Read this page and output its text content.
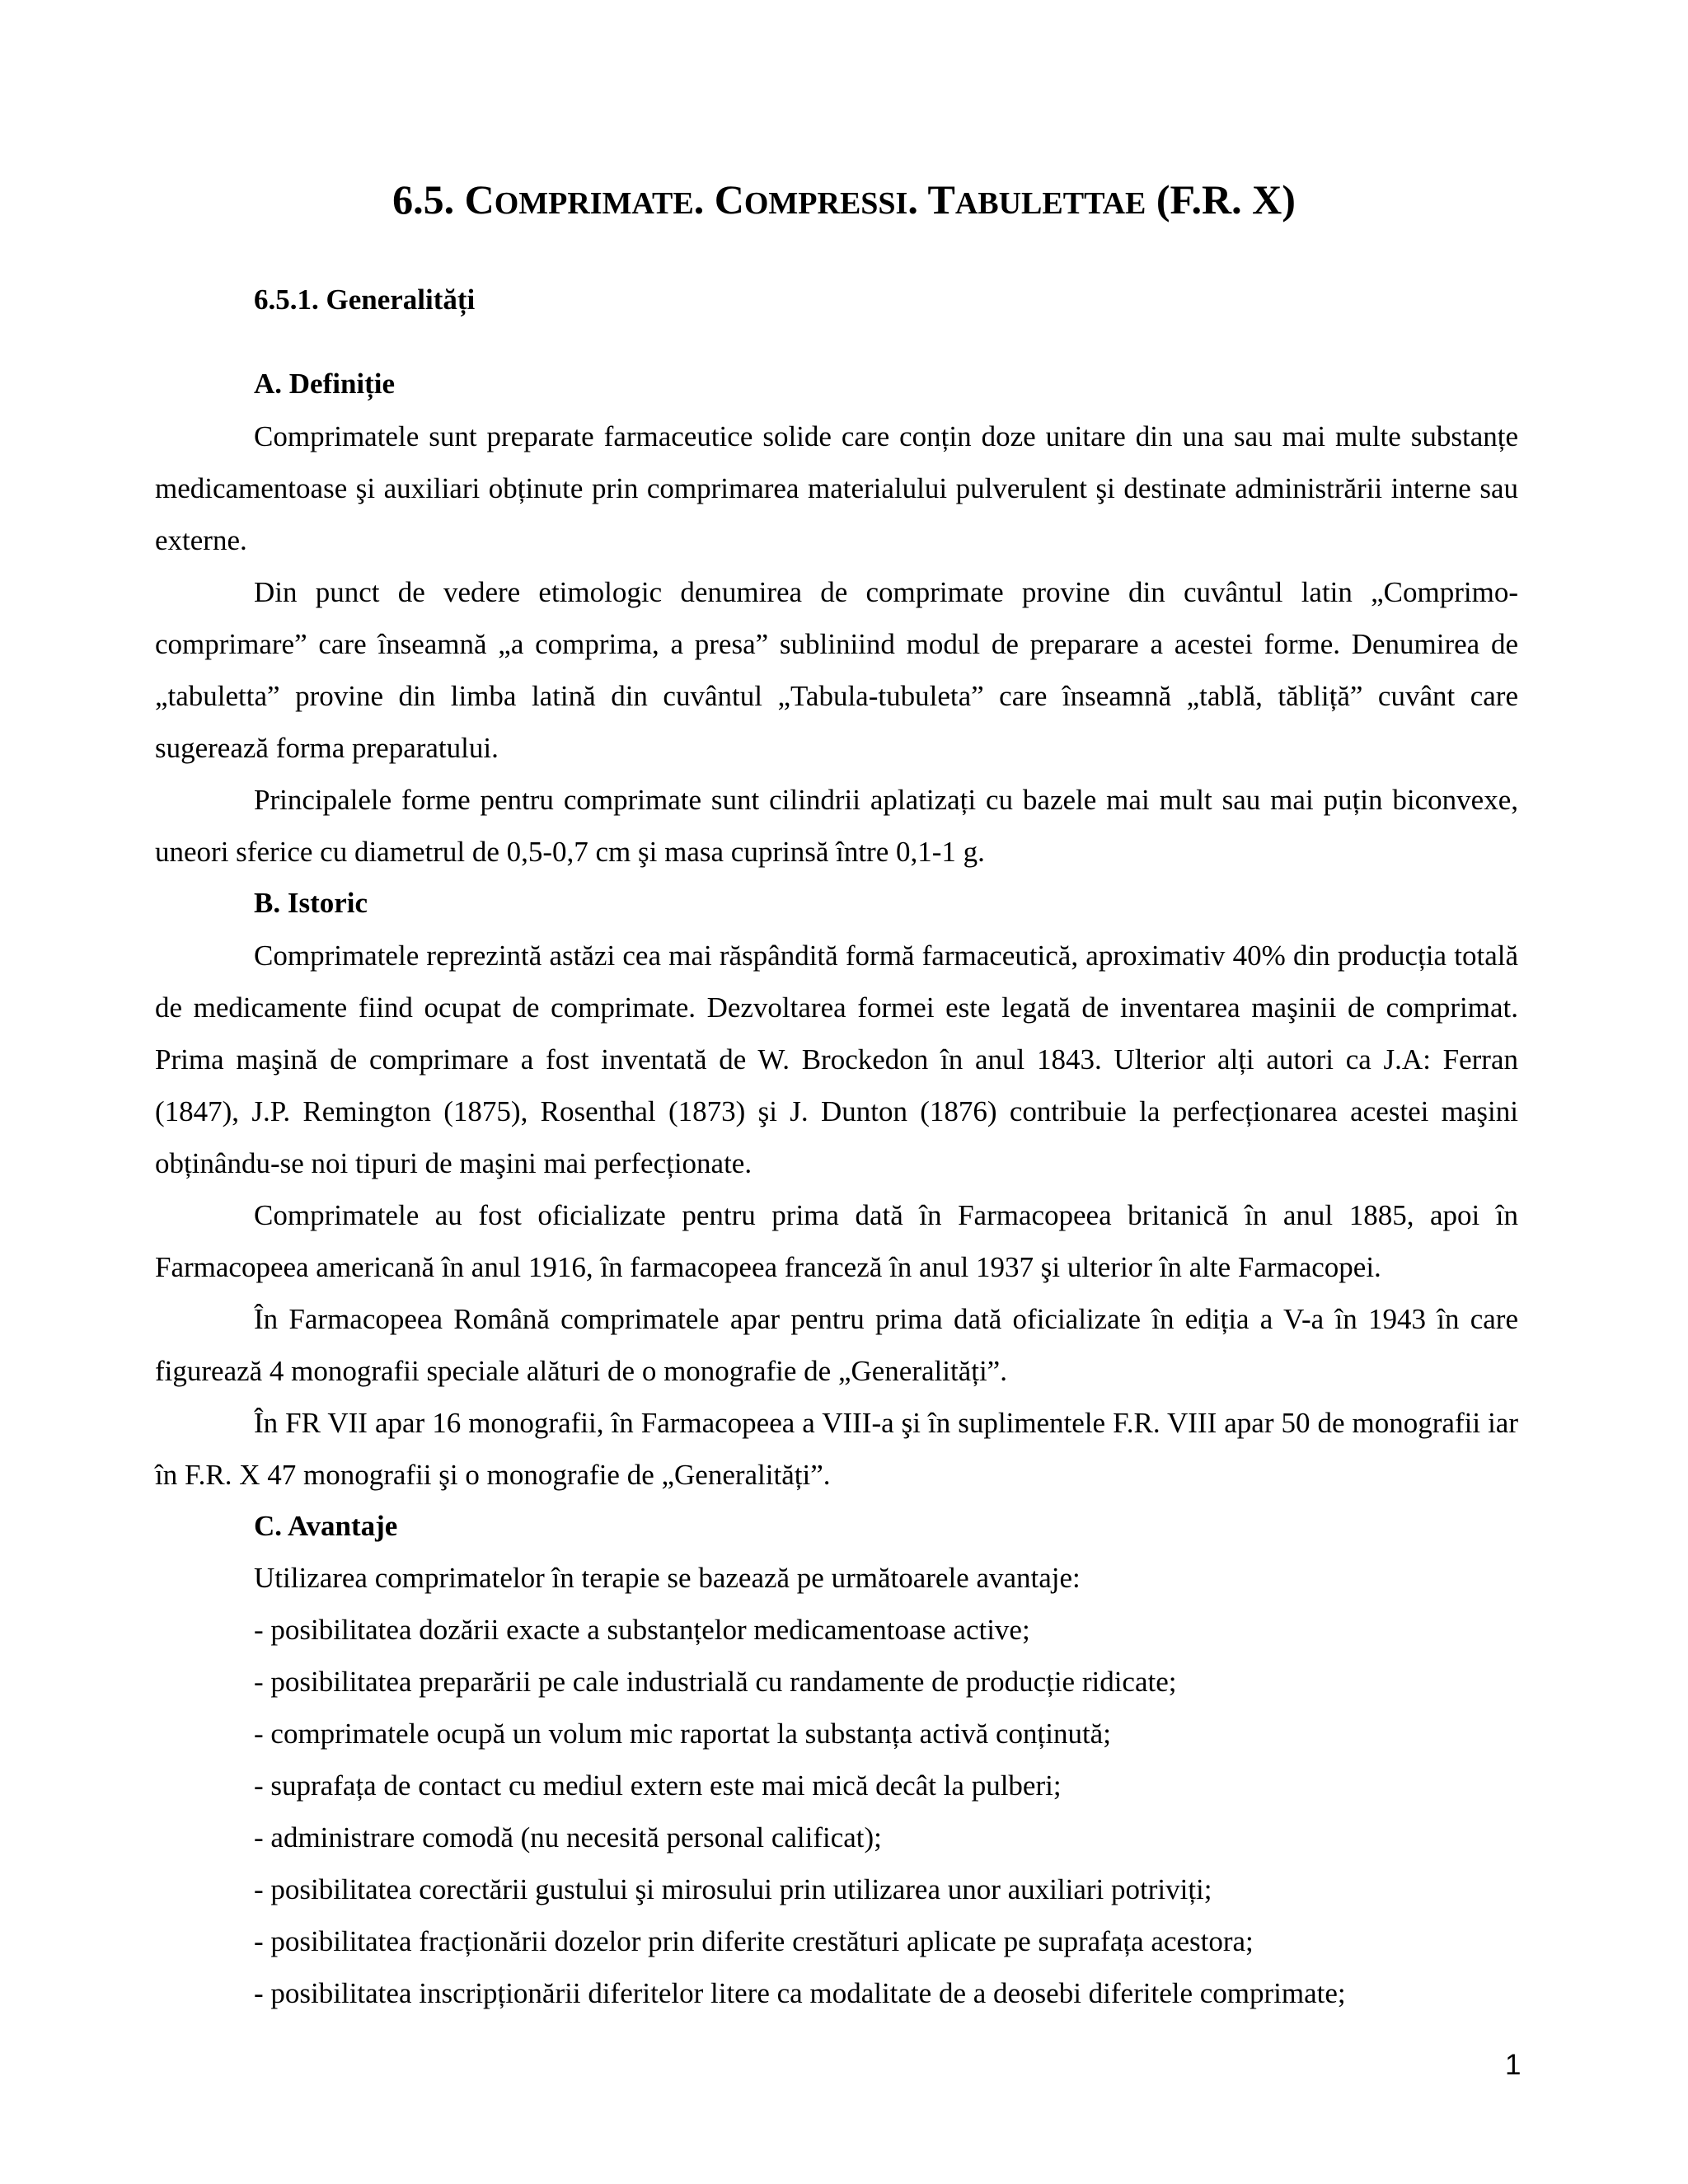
6.5. COMPRIMATE. COMPRESSI. TABULETTAE (F.R. X)
6.5.1. Generalități
A. Definiție
Comprimatele sunt preparate farmaceutice solide care conțin doze unitare din una sau mai multe substanțe medicamentoase şi auxiliari obținute prin comprimarea materialului pulverulent şi destinate administrării interne sau externe.
Din punct de vedere etimologic denumirea de comprimate provine din cuvântul latin „Comprimo-comprimare” care înseamnă „a comprima, a presa” subliniind modul de preparare a acestei forme. Denumirea de „tabuletta” provine din limba latină din cuvântul „Tabula-tubuleta” care înseamnă „tablă, tăbliță” cuvânt care sugerează forma preparatului.
Principalele forme pentru comprimate sunt cilindrii aplatizați cu bazele mai mult sau mai puțin biconvexe, uneori sferice cu diametrul de 0,5-0,7 cm şi masa cuprinsă între 0,1-1 g.
B. Istoric
Comprimatele reprezintă astăzi cea mai răspândită formă farmaceutică, aproximativ 40% din producția totală de medicamente fiind ocupat de comprimate. Dezvoltarea formei este legată de inventarea maşinii de comprimat. Prima maşină de comprimare a fost inventată de W. Brockedon în anul 1843. Ulterior alți autori ca J.A: Ferran (1847), J.P. Remington (1875), Rosenthal (1873) şi J. Dunton (1876) contribuie la perfecționarea acestei maşini obținându-se noi tipuri de maşini mai perfecționate.
Comprimatele au fost oficializate pentru prima dată în Farmacopeea britanică în anul 1885, apoi în Farmacopeea americană în anul 1916, în farmacopeea franceză în anul 1937 şi ulterior în alte Farmacopei.
În Farmacopeea Română comprimatele apar pentru prima dată oficializate în ediția a V-a în 1943 în care figurează 4 monografii speciale alături de o monografie de „Generalități”.
În FR VII apar 16 monografii, în Farmacopeea a VIII-a şi în suplimentele F.R. VIII apar 50 de monografii iar în F.R. X 47 monografii şi o monografie de „Generalități”.
C. Avantaje
Utilizarea comprimatelor în terapie se bazează pe următoarele avantaje:
- posibilitatea dozării exacte a substanțelor medicamentoase active;
- posibilitatea preparării pe cale industrială cu randamente de producție ridicate;
- comprimatele ocupă un volum mic raportat la substanța activă conținută;
- suprafața de contact cu mediul extern este mai mică decât la pulberi;
- administrare comodă (nu necesită personal calificat);
- posibilitatea corectării gustului şi mirosului prin utilizarea unor auxiliari potriviți;
- posibilitatea fracționării dozelor prin diferite crestături aplicate pe suprafața acestora;
- posibilitatea inscripționării diferitelor litere ca modalitate de a deosebi diferitele comprimate;
1
